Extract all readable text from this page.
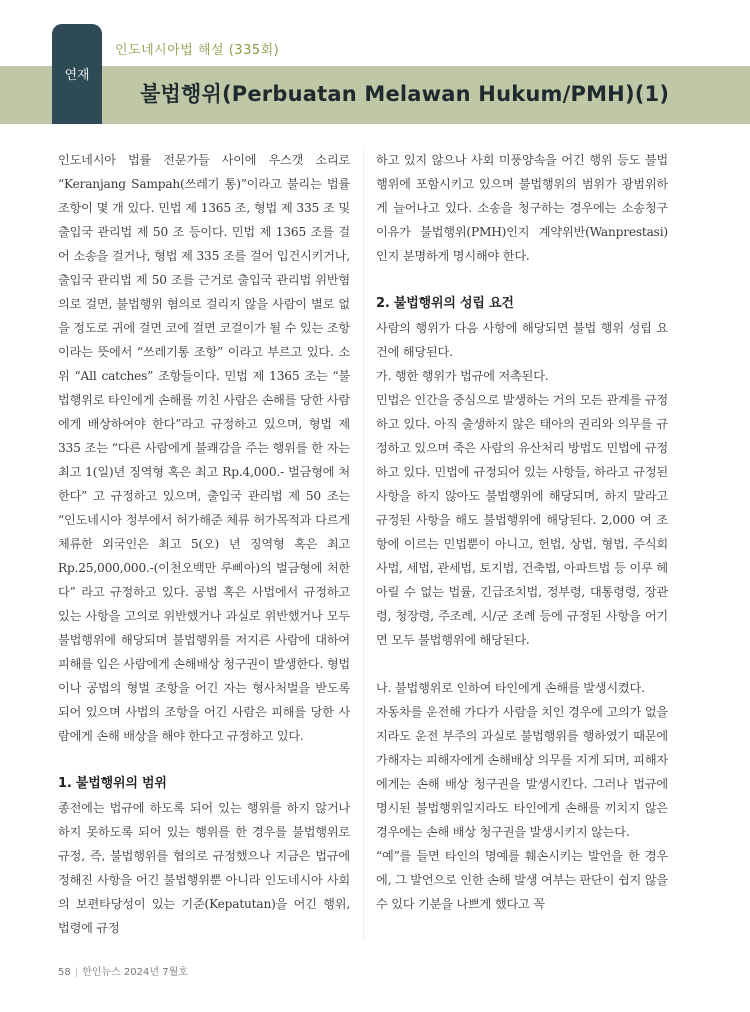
연재
인도네시아법 해설 (335회)
불법행위(Perbuatan Melawan Hukum/PMH)(1)

인도네시아 법률 전문가들 사이에 우스갯 소리로 “Keranjang Sampah(쓰레기 통)”이라고 불리는 법률 조항이 몇 개 있다. 민법 제 1365 조, 형법 제 335 조 및 출입국 관리법 제 50 조 등이다. 민법 제 1365 조를 걸어 소송을 걸거나, 형법 제 335 조를 걸어 입건시키거나, 출입국 관리법 제 50 조를 근거로 출입국 관리법 위반혐의로 걸면, 불법행위 혐의로 걸리지 않을 사람이 별로 없을 정도로 귀에 걸면 코에 걸면 코걸이가 될 수 있는 조항이라는 뜻에서 “쓰레기통 조항” 이라고 부르고 있다. 소위 “All catches” 조항들이다. 민법 제 1365 조는 “불법행위로 타인에게 손해를 끼친 사람은 손해를 당한 사람에게 배상하여야 한다”라고 규정하고 있으며, 형법 제 335 조는 “다른 사람에게 불쾌감을 주는 행위를 한 자는 최고 1(일)년 징역형 혹은 최고 Rp.4,000.- 벌금형에 처한다” 고 규정하고 있으며, 출입국 관리법 제 50 조는 “인도네시아 정부에서 허가해준 체류 허가목적과 다르게 체류한 외국인은 최고 5(오) 년 징역형 혹은 최고 Rp.25,000,000.-(이천오백만 루삐아)의 벌금형에 처한다” 라고 규정하고 있다. 공법 혹은 사법에서 규정하고 있는 사항을 고의로 위반했거나 과실로 위반했거나 모두 불법행위에 해당되며 불법행위를 저지른 사람에 대하여 피해를 입은 사람에게 손해배상 청구권이 발생한다. 형법이나 공법의 형벌 조항을 어긴 자는 형사처벌을 받도록 되어 있으며 사법의 조항을 어긴 사람은 피해를 당한 사람에게 손해 배상을 해야 한다고 규정하고 있다.

1. 불법행위의 범위

종전에는 법규에 하도록 되어 있는 행위를 하지 않거나 하지 못하도록 되어 있는 행위를 한 경우를 불법행위로 규정, 즉, 불법행위를 협의로 규정했으나 지금은 법규에 정해진 사항을 어긴 불법행위뿐 아니라 인도네시아 사회의 보편타당성이 있는 기준(Kepatutan)을 어긴 행위, 법령에 규정

하고 있지 않으나 사회 미풍양속을 어긴 행위 등도 불법행위에 포함시키고 있으며 불법행위의 범위가 광범위하게 늘어나고 있다. 소송을 청구하는 경우에는 소송청구 이유가 불법행위(PMH)인지 계약위반(Wanprestasi)인지 분명하게 명시해야 한다.

2. 불법행위의 성립 요건

사람의 행위가 다음 사항에 해당되면 불법 행위 성립 요건에 해당된다.

가. 행한 행위가 법규에 저촉된다.

민법은 인간을 중심으로 발생하는 거의 모든 관계를 규정하고 있다. 아직 출생하지 않은 태아의 권리와 의무를 규정하고 있으며 죽은 사람의 유산처리 방법도 민법에 규정하고 있다. 민법에 규정되어 있는 사항들, 하라고 규정된 사항을 하지 않아도 불법행위에 해당되며, 하지 말라고 규정된 사항을 해도 불법행위에 해당된다. 2,000 여 조항에 이르는 민법뿐이 아니고, 헌법, 상법, 형법, 주식회사법, 세법, 관세법, 토지법, 건축법, 아파트법 등 이루 헤아릴 수 없는 법률, 긴급조치법, 정부령, 대통령령, 장관령, 청장령, 주조례, 시/군 조례 등에 규정된 사항을 어기면 모두 불법행위에 해당된다.

나. 불법행위로 인하여 타인에게 손해를 발생시켰다.

자동차를 운전해 가다가 사람을 치인 경우에 고의가 없을지라도 운전 부주의 과실로 불법행위를 행하였기 때문에 가해자는 피해자에게 손해배상 의무를 지게 되며, 피해자에게는 손해 배상 청구권을 발생시킨다. 그러나 법규에 명시된 불법행위일지라도 타인에게 손해를 끼치지 않은 경우에는 손해 배상 청구권을 발생시키지 않는다.

“예”를 들면 타인의 명예를 훼손시키는 발언을 한 경우에, 그 발언으로 인한 손해 발생 여부는 판단이 쉽지 않을 수 있다 기분을 나쁘게 했다고 꼭

58 | 한인뉴스 2024년 7월호
